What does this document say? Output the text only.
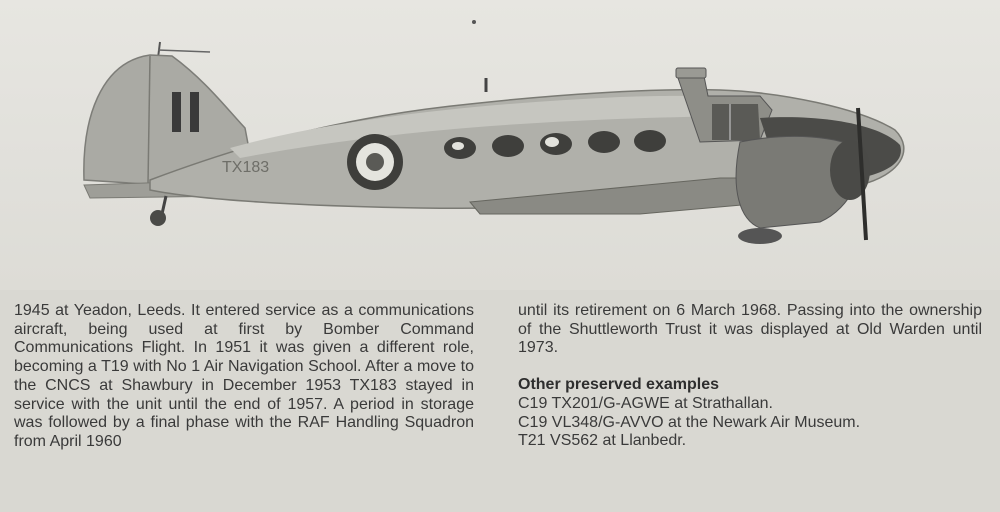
TX183

1945 at Yeadon, Leeds. It entered service as a communications aircraft, being used at first by Bomber Command Communications Flight. In 1951 it was given a different role, becoming a T19 with No 1 Air Navigation School. After a move to the CNCS at Shawbury in December 1953 TX183 stayed in service with the unit until the end of 1957. A period in storage was followed by a final phase with the RAF Handling Squadron from April 1960

until its retirement on 6 March 1968. Passing into the ownership of the Shuttleworth Trust it was displayed at Old Warden until 1973.

Other preserved examples

C19 TX201/G-AGWE at Strathallan.

C19 VL348/G-AVVO at the Newark Air Museum.

T21 VS562 at Llanbedr.
